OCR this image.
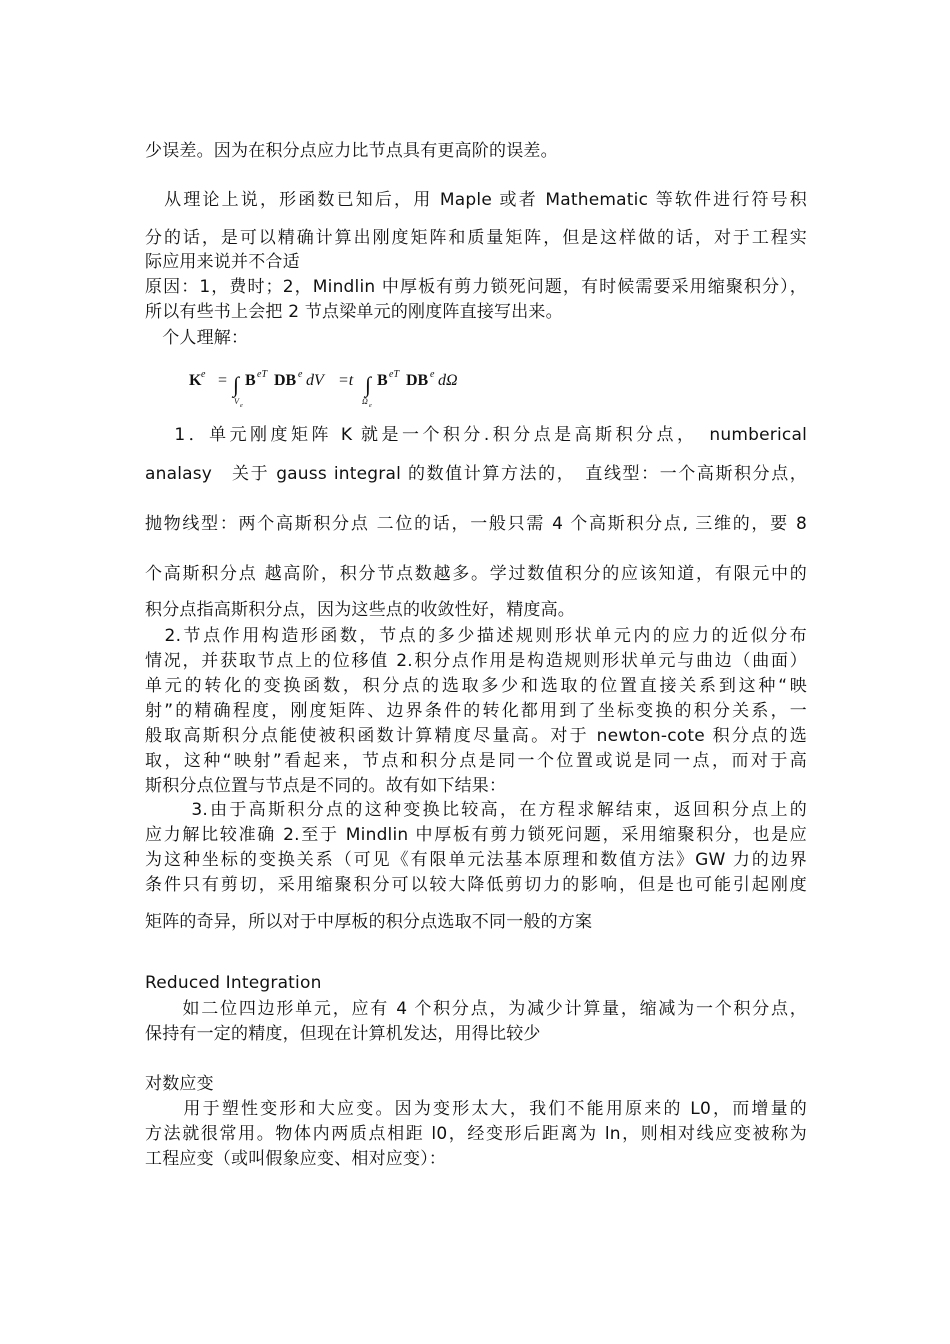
少误差。因为在积分点应力比节点具有更高阶的误差。
　从理论上说，形函数已知后，用 Maple 或者 Mathematic 等软件进行符号积
分的话，是可以精确计算出刚度矩阵和质量矩阵，但是这样做的话，对于工程实
际应用来说并不合适
原因：1，费时；2，Mindlin 中厚板有剪力锁死问题，有时候需要采用缩聚积分），
所以有些书上会把 2 节点梁单元的刚度阵直接写出来。
　个人理解：
K e = ∫
V e
B eT DB e dV =t ∫
Ω e
B eT DB e dΩ
　 1．单元刚度矩阵 K 就是一个积分.积分点是高斯积分点，　numberical
analasy　关于 gauss integral 的数值计算方法的，　直线型：一个高斯积分点，
抛物线型：两个高斯积分点 二位的话，一般只需 4 个高斯积分点, 三维的，要 8
个高斯积分点 越高阶，积分节点数越多。学过数值积分的应该知道，有限元中的
积分点指高斯积分点，因为这些点的收敛性好，精度高。
　2.节点作用构造形函数，节点的多少描述规则形状单元内的应力的近似分布
情况，并获取节点上的位移值 2.积分点作用是构造规则形状单元与曲边（曲面）
单元的转化的变换函数，积分点的选取多少和选取的位置直接关系到这种“映
射”的精确程度，刚度矩阵、边界条件的转化都用到了坐标变换的积分关系，一
般取高斯积分点能使被积函数计算精度尽量高。对于 newton-cote 积分点的选
取，这种“映射”看起来，节点和积分点是同一个位置或说是同一点，而对于高
斯积分点位置与节点是不同的。故有如下结果：
　　 3.由于高斯积分点的这种变换比较高，在方程求解结束，返回积分点上的
应力解比较准确 2.至于 Mindlin 中厚板有剪力锁死问题，采用缩聚积分，也是应
为这种坐标的变换关系（可见《有限单元法基本原理和数值方法》GW 力的边界
条件只有剪切，采用缩聚积分可以较大降低剪切力的影响，但是也可能引起刚度
矩阵的奇异，所以对于中厚板的积分点选取不同一般的方案
Reduced Integration
　　如二位四边形单元，应有 4 个积分点，为减少计算量，缩减为一个积分点，
保持有一定的精度，但现在计算机发达，用得比较少
对数应变
　　用于塑性变形和大应变。因为变形太大，我们不能用原来的 L0，而增量的
方法就很常用。物体内两质点相距 l0，经变形后距离为 ln，则相对线应变被称为
工程应变（或叫假象应变、相对应变）：
